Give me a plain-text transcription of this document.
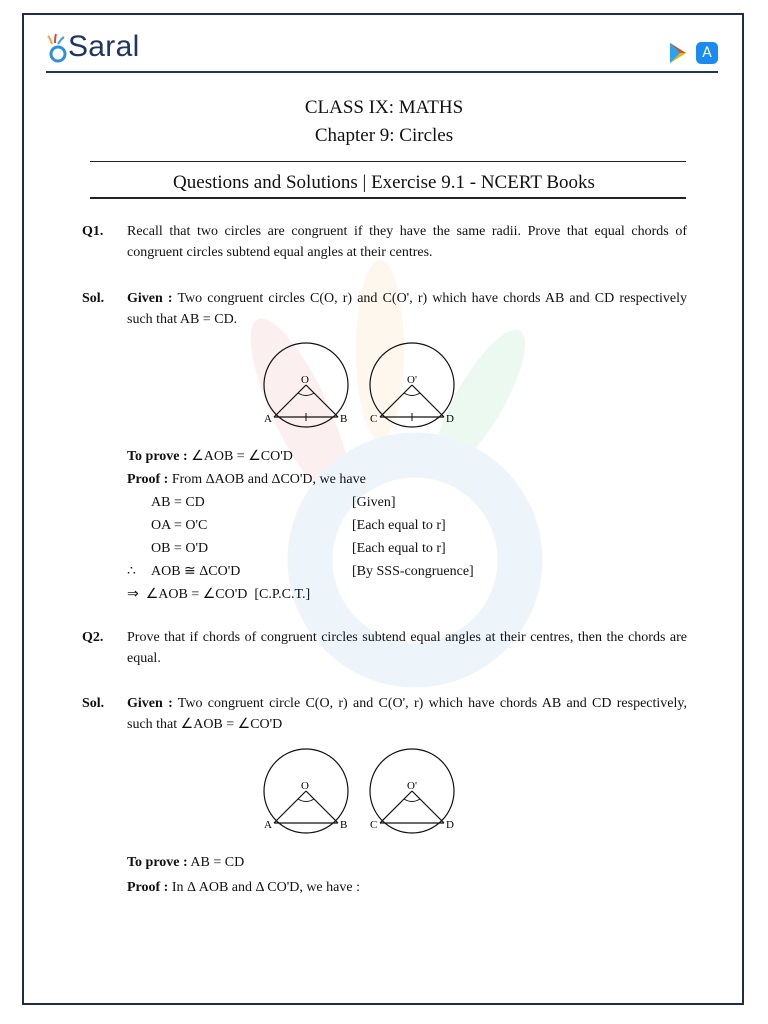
Saral	A
CLASS IX: MATHS
Chapter 9: Circles
Questions and Solutions | Exercise 9.1 - NCERT Books
Q1. Recall that two circles are congruent if they have the same radii. Prove that equal chords of congruent circles subtend equal angles at their centres.
Sol. Given : Two congruent circles C(O, r) and C(O', r) which have chords AB and CD respectively such that AB = CD.
O
A	B
O'
C	D
To prove : ∠AOB = ∠CO'D
Proof : From ΔAOB and ΔCO'D, we have
AB = CD	[Given]
OA = O'C	[Each equal to r]
OB = O'D	[Each equal to r]
∴ AOB ≅ ΔCO'D	[By SSS-congruence]
⇒  ∠AOB = ∠CO'D  [C.P.C.T.]
Q2. Prove that if chords of congruent circles subtend equal angles at their centres, then the chords are equal.
Sol. Given : Two congruent circle C(O, r) and C(O', r) which have chords AB and CD respectively, such that ∠AOB = ∠CO'D
O
A	B
O'
C	D
To prove : AB = CD
Proof : In Δ AOB and Δ CO'D, we have :
